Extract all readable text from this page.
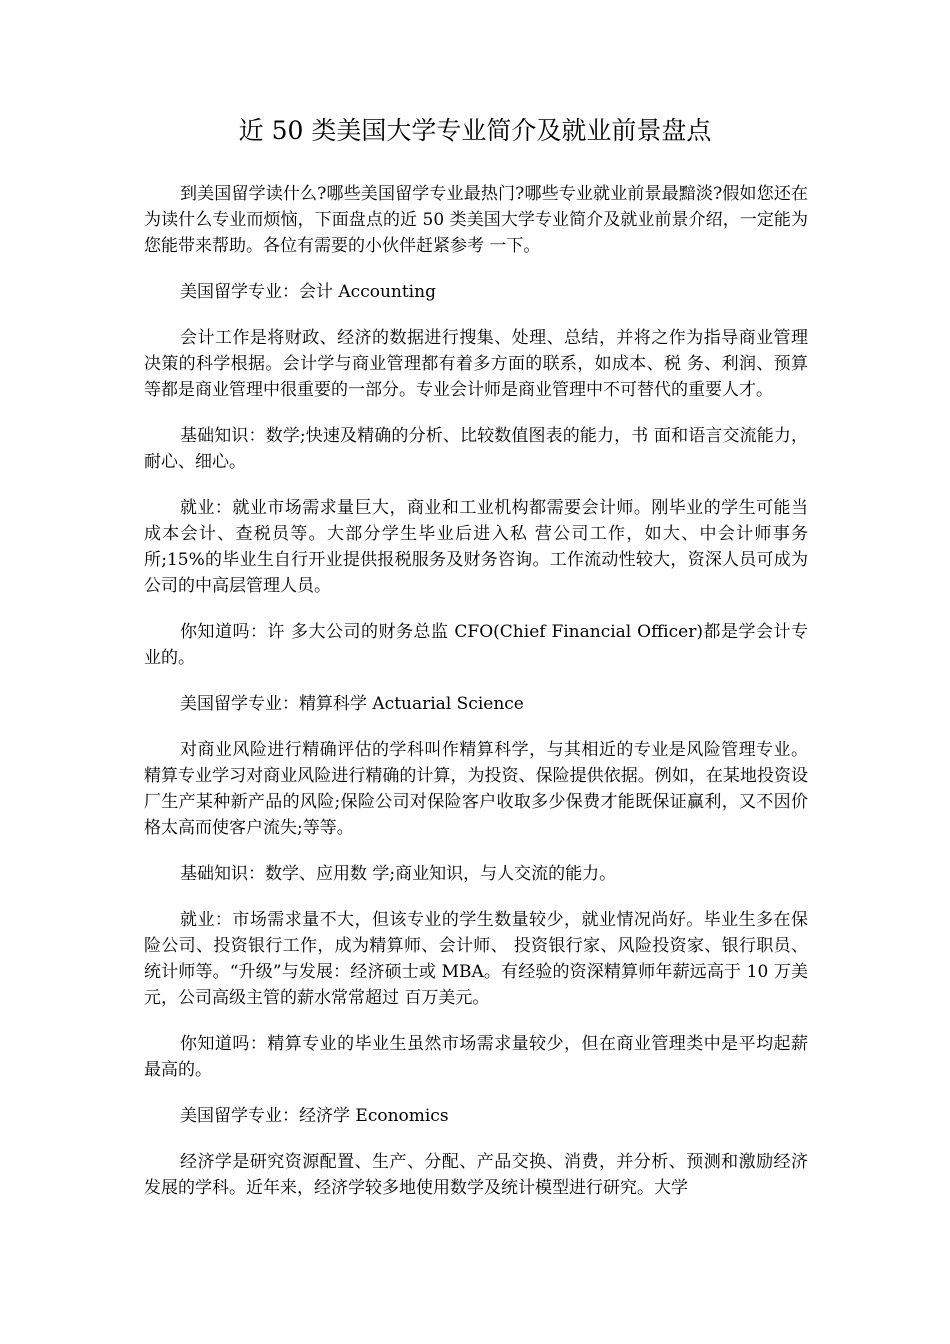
近 50 类美国大学专业简介及就业前景盘点

到美国留学读什么?哪些美国留学专业最热门?哪些专业就业前景最黯淡?假如您还在为读什么专业而烦恼，下面盘点的近 50 类美国大学专业简介及就业前景介绍，一定能为您能带来帮助。各位有需要的小伙伴赶紧参考 一下。

美国留学专业：会计 Accounting

会计工作是将财政、经济的数据进行搜集、处理、总结，并将之作为指导商业管理决策的科学根据。会计学与商业管理都有着多方面的联系，如成本、税 务、利润、预算等都是商业管理中很重要的一部分。专业会计师是商业管理中不可替代的重要人才。

基础知识：数学;快速及精确的分析、比较数值图表的能力，书 面和语言交流能力，耐心、细心。

就业：就业市场需求量巨大，商业和工业机构都需要会计师。刚毕业的学生可能当成本会计、查税员等。大部分学生毕业后进入私 营公司工作，如大、中会计师事务所;15%的毕业生自行开业提供报税服务及财务咨询。工作流动性较大，资深人员可成为公司的中高层管理人员。

你知道吗：许 多大公司的财务总监 CFO(Chief Financial Officer)都是学会计专业的。

美国留学专业：精算科学 Actuarial Science

对商业风险进行精确评估的学科叫作精算科学，与其相近的专业是风险管理专业。精算专业学习对商业风险进行精确的计算，为投资、保险提供依据。例如，在某地投资设厂生产某种新产品的风险;保险公司对保险客户收取多少保费才能既保证赢利，又不因价格太高而使客户流失;等等。

基础知识：数学、应用数 学;商业知识，与人交流的能力。

就业：市场需求量不大，但该专业的学生数量较少，就业情况尚好。毕业生多在保险公司、投资银行工作，成为精算师、会计师、 投资银行家、风险投资家、银行职员、统计师等。“升级”与发展：经济硕士或 MBA。有经验的资深精算师年薪远高于 10 万美元，公司高级主管的薪水常常超过 百万美元。

你知道吗：精算专业的毕业生虽然市场需求量较少，但在商业管理类中是平均起薪最高的。

美国留学专业：经济学 Economics

经济学是研究资源配置、生产、分配、产品交换、消费，并分析、预测和激励经济发展的学科。近年来，经济学较多地使用数学及统计模型进行研究。大学
